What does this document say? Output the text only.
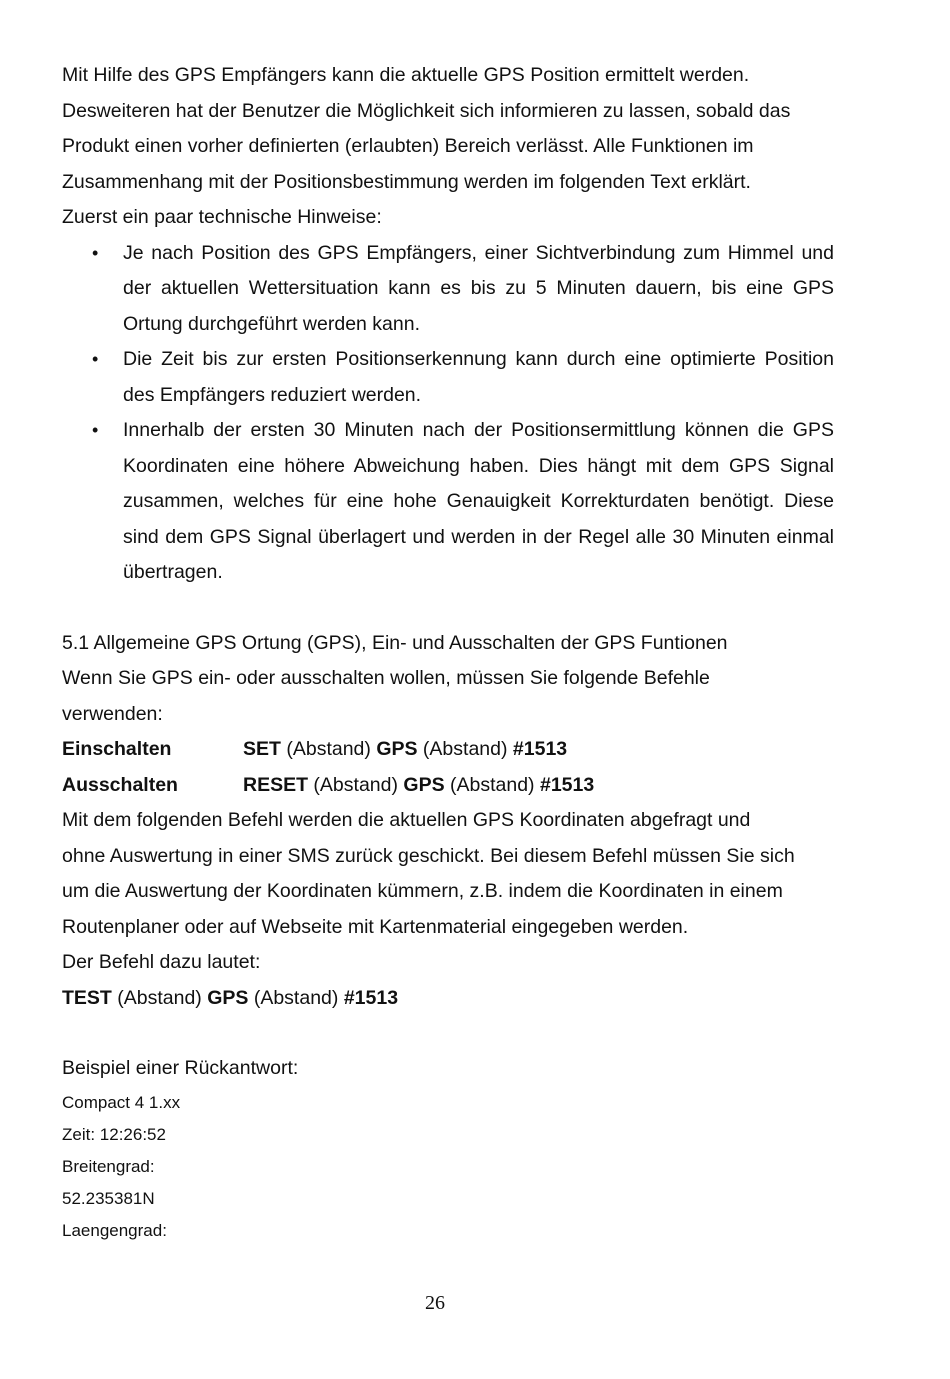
Mit Hilfe des GPS Empfängers kann die aktuelle GPS Position ermittelt werden.
Desweiteren hat der Benutzer die Möglichkeit sich informieren zu lassen, sobald das
Produkt einen vorher definierten (erlaubten) Bereich verlässt. Alle Funktionen im
Zusammenhang mit der Positionsbestimmung werden im folgenden Text erklärt.
Zuerst ein paar technische Hinweise:
• Je nach Position des GPS Empfängers, einer Sichtverbindung zum Himmel und der aktuellen Wettersituation kann es bis zu 5 Minuten dauern, bis eine GPS Ortung durchgeführt werden kann.
• Die Zeit bis zur ersten Positionserkennung kann durch eine optimierte Position des Empfängers reduziert werden.
• Innerhalb der ersten 30 Minuten nach der Positionsermittlung können die GPS Koordinaten eine höhere Abweichung haben. Dies hängt mit dem GPS Signal zusammen, welches für eine hohe Genauigkeit Korrekturdaten benötigt. Diese sind dem GPS Signal überlagert und werden in der Regel alle 30 Minuten einmal übertragen.
5.1 Allgemeine GPS Ortung (GPS), Ein- und Ausschalten der GPS Funtionen
Wenn Sie GPS ein- oder ausschalten wollen, müssen Sie folgende Befehle
verwenden:
Einschalten	SET (Abstand) GPS (Abstand) #1513
Ausschalten	RESET (Abstand) GPS (Abstand) #1513
Mit dem folgenden Befehl werden die aktuellen GPS Koordinaten abgefragt und
ohne Auswertung in einer SMS zurück geschickt. Bei diesem Befehl müssen Sie sich
um die Auswertung der Koordinaten kümmern, z.B. indem die Koordinaten in einem
Routenplaner oder auf Webseite mit Kartenmaterial eingegeben werden.
Der Befehl dazu lautet:
TEST (Abstand) GPS (Abstand) #1513
Beispiel einer Rückantwort:
Compact 4 1.xx
Zeit: 12:26:52
Breitengrad:
52.235381N
Laengengrad:
26
